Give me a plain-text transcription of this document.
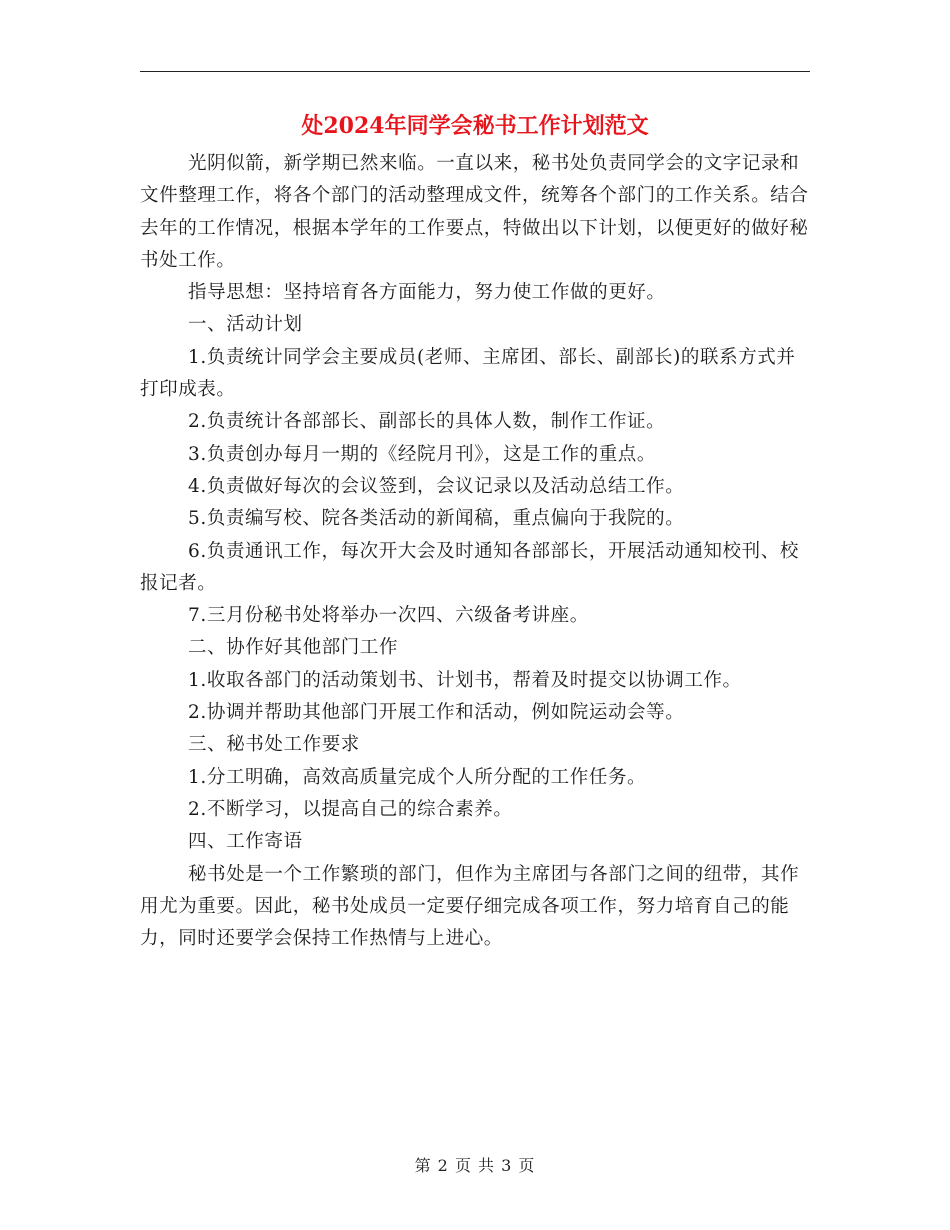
处2024年同学会秘书工作计划范文

光阴似箭，新学期已然来临。一直以来，秘书处负责同学会的文字记录和文件整理工作，将各个部门的活动整理成文件，统筹各个部门的工作关系。结合去年的工作情况，根据本学年的工作要点，特做出以下计划，以便更好的做好秘书处工作。

指导思想：坚持培育各方面能力，努力使工作做的更好。

一、活动计划

1.负责统计同学会主要成员(老师、主席团、部长、副部长)的联系方式并打印成表。

2.负责统计各部部长、副部长的具体人数，制作工作证。

3.负责创办每月一期的《经院月刊》，这是工作的重点。

4.负责做好每次的会议签到，会议记录以及活动总结工作。

5.负责编写校、院各类活动的新闻稿，重点偏向于我院的。

6.负责通讯工作，每次开大会及时通知各部部长，开展活动通知校刊、校报记者。

7.三月份秘书处将举办一次四、六级备考讲座。

二、协作好其他部门工作

1.收取各部门的活动策划书、计划书，帮着及时提交以协调工作。

2.协调并帮助其他部门开展工作和活动，例如院运动会等。

三、秘书处工作要求

1.分工明确，高效高质量完成个人所分配的工作任务。

2.不断学习，以提高自己的综合素养。

四、工作寄语

秘书处是一个工作繁琐的部门，但作为主席团与各部门之间的纽带，其作用尤为重要。因此，秘书处成员一定要仔细完成各项工作，努力培育自己的能力，同时还要学会保持工作热情与上进心。

第 2 页 共 3 页
